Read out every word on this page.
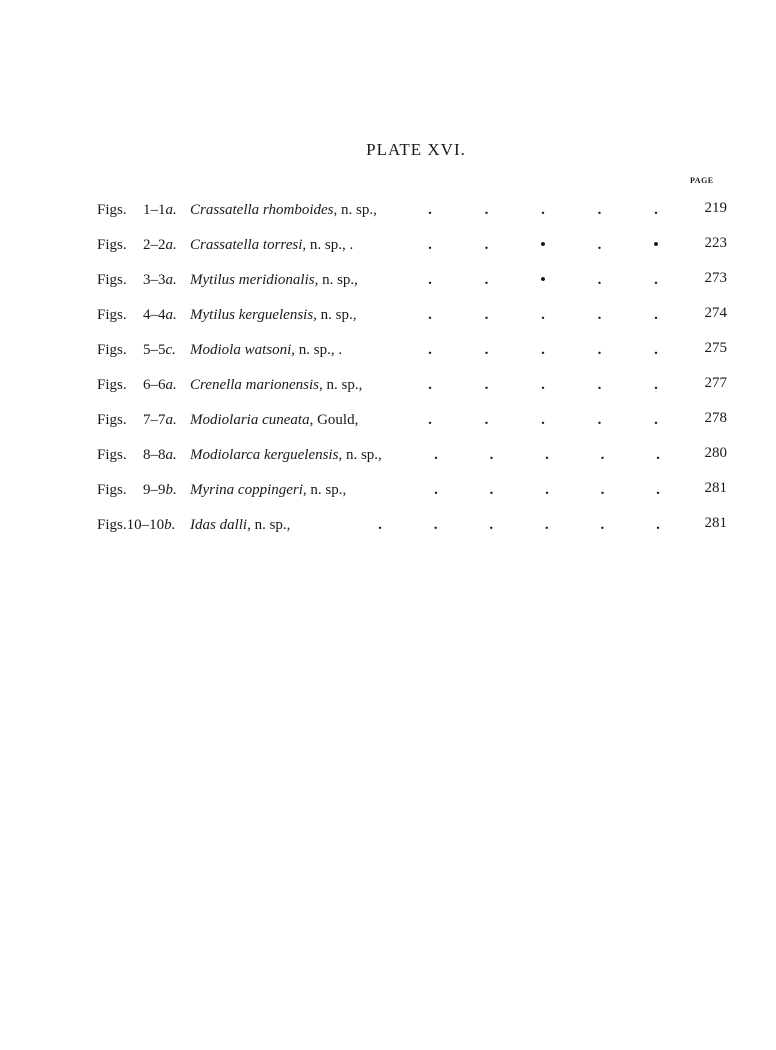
PLATE XVI.
PAGE
Figs. 1–1a. Crassatella rhomboides, n. sp.,	.	.	.	.	.	219
Figs. 2–2a. Crassatella torresi, n. sp., .	.	.	•	.	•	223
Figs. 3–3a. Mytilus meridionalis, n. sp.,	.	.	•	.	.	273
Figs. 4–4a. Mytilus kerguelensis, n. sp.,	.	.	.	.	.	274
Figs. 5–5c. Modiola watsoni, n. sp., .	.	.	.	.	.	275
Figs. 6–6a. Crenella marionensis, n. sp.,	.	.	.	.	.	277
Figs. 7–7a. Modiolaria cuneata, Gould,	.	.	.	.	.	278
Figs. 8–8a. Modiolarca kerguelensis, n. sp.,	.	.	.	.	.	280
Figs. 9–9b. Myrina coppingeri, n. sp.,	.	.	.	.	.	281
Figs.10–10b. Idas dalli, n. sp.,	.	.	.	.	.	.	281
